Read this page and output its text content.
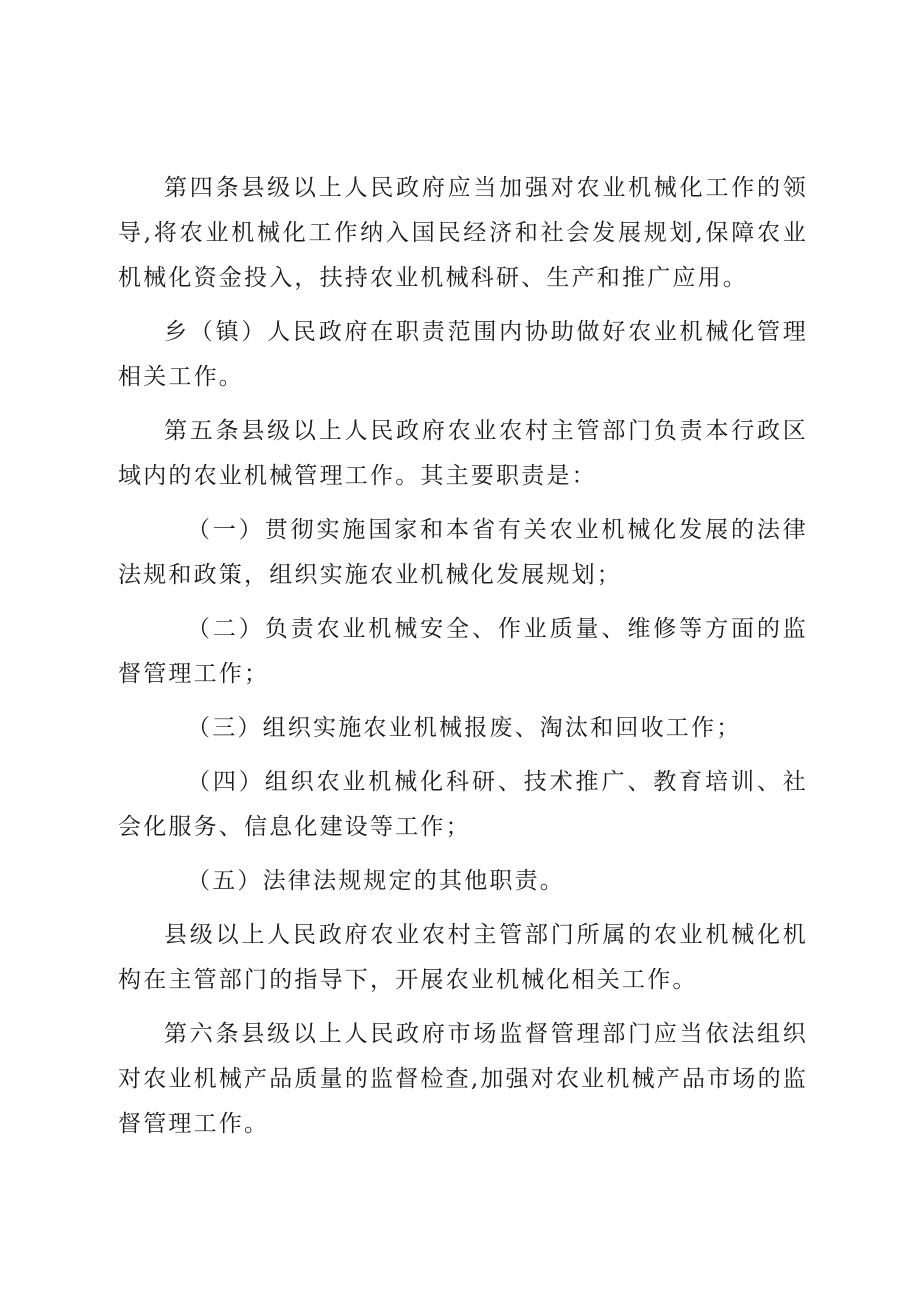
第四条县级以上人民政府应当加强对农业机械化工作的领导,将农业机械化工作纳入国民经济和社会发展规划,保障农业机械化资金投入，扶持农业机械科研、生产和推广应用。

乡（镇）人民政府在职责范围内协助做好农业机械化管理相关工作。

第五条县级以上人民政府农业农村主管部门负责本行政区域内的农业机械管理工作。其主要职责是：

（一）贯彻实施国家和本省有关农业机械化发展的法律法规和政策，组织实施农业机械化发展规划；

（二）负责农业机械安全、作业质量、维修等方面的监督管理工作；

（三）组织实施农业机械报废、淘汰和回收工作；

（四）组织农业机械化科研、技术推广、教育培训、社会化服务、信息化建设等工作；

（五）法律法规规定的其他职责。

县级以上人民政府农业农村主管部门所属的农业机械化机构在主管部门的指导下，开展农业机械化相关工作。

第六条县级以上人民政府市场监督管理部门应当依法组织对农业机械产品质量的监督检查,加强对农业机械产品市场的监督管理工作。
